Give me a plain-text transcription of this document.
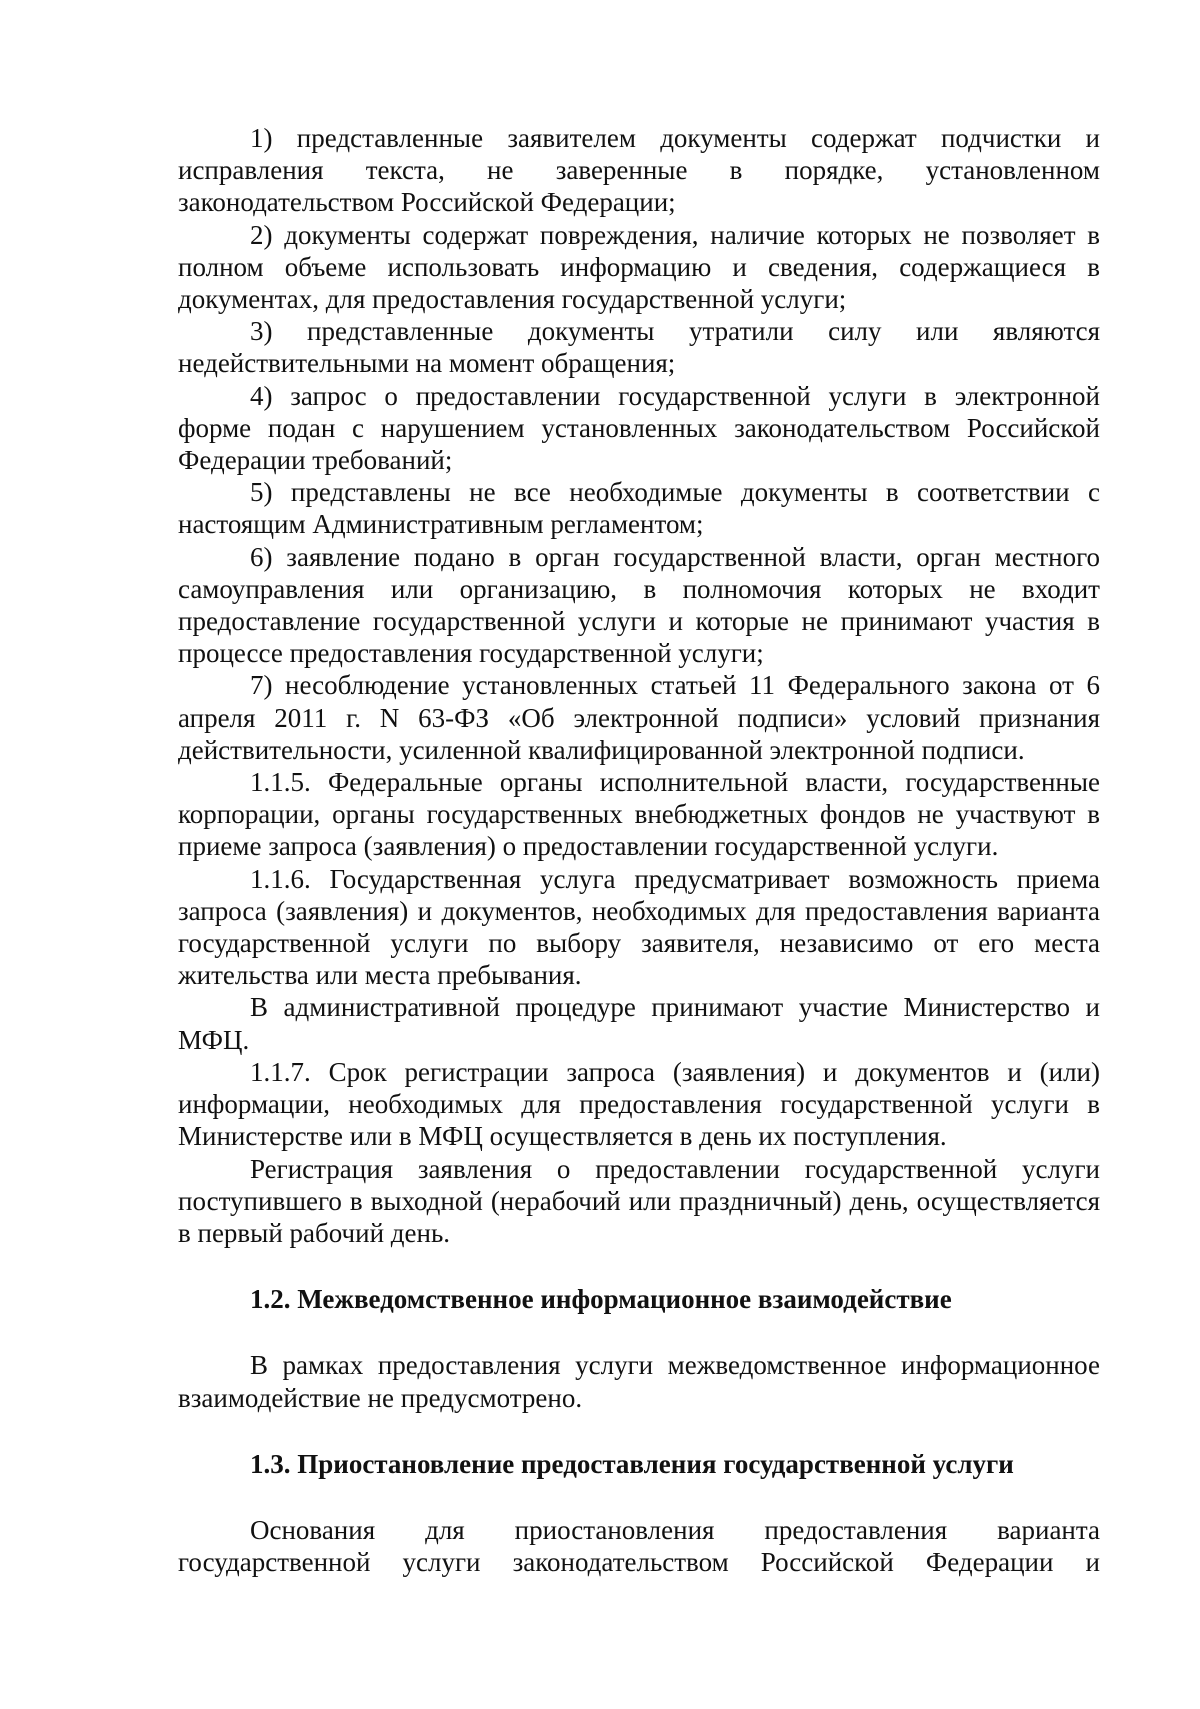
1) представленные заявителем документы содержат подчистки и исправления текста, не заверенные в порядке, установленном законодательством Российской Федерации;

2) документы содержат повреждения, наличие которых не позволяет в полном объеме использовать информацию и сведения, содержащиеся в документах, для предоставления государственной услуги;

3) представленные документы утратили силу или являются недействительными на момент обращения;

4) запрос о предоставлении государственной услуги в электронной форме подан с нарушением установленных законодательством Российской Федерации требований;

5) представлены не все необходимые документы в соответствии с настоящим Административным регламентом;

6) заявление подано в орган государственной власти, орган местного самоуправления или организацию, в полномочия которых не входит предоставление государственной услуги и которые не принимают участия в процессе предоставления государственной услуги;

7) несоблюдение установленных статьей 11 Федерального закона от 6 апреля 2011 г. N 63-ФЗ «Об электронной подписи» условий признания действительности, усиленной квалифицированной электронной подписи.

1.1.5. Федеральные органы исполнительной власти, государственные корпорации, органы государственных внебюджетных фондов не участвуют в приеме запроса (заявления) о предоставлении государственной услуги.

1.1.6. Государственная услуга предусматривает возможность приема запроса (заявления) и документов, необходимых для предоставления варианта государственной услуги по выбору заявителя, независимо от его места жительства или места пребывания.

В административной процедуре принимают участие Министерство и МФЦ.

1.1.7. Срок регистрации запроса (заявления) и документов и (или) информации, необходимых для предоставления государственной услуги в Министерстве или в МФЦ осуществляется в день их поступления.

Регистрация заявления о предоставлении государственной услуги поступившего в выходной (нерабочий или праздничный) день, осуществляется в первый рабочий день.

1.2. Межведомственное информационное взаимодействие

В рамках предоставления услуги межведомственное информационное взаимодействие не предусмотрено.

1.3. Приостановление предоставления государственной услуги

Основания для приостановления предоставления варианта государственной услуги законодательством Российской Федерации и
